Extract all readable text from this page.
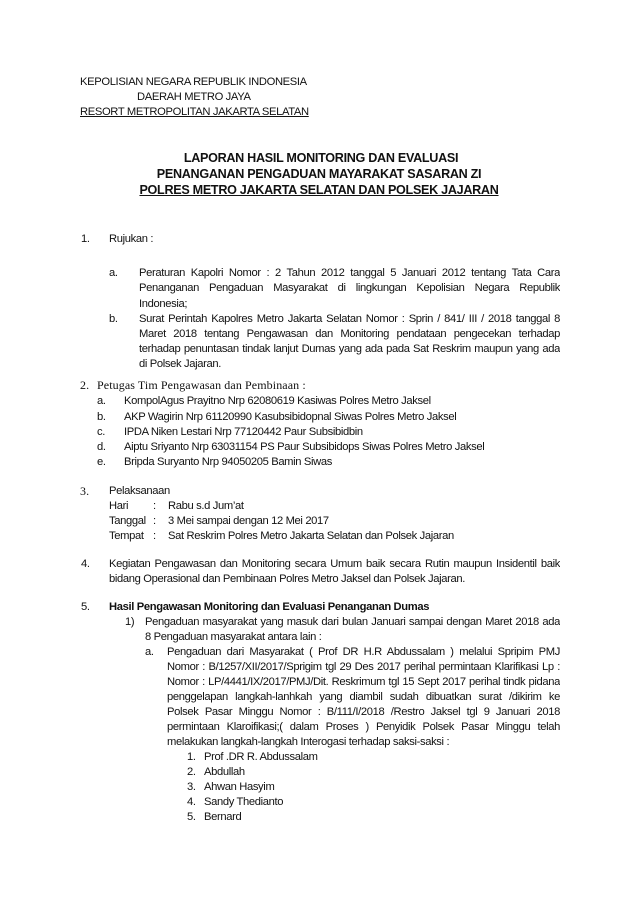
KEPOLISIAN NEGARA REPUBLIK INDONESIA
DAERAH METRO JAYA
RESORT METROPOLITAN JAKARTA SELATAN
LAPORAN HASIL MONITORING DAN EVALUASI
PENANGANAN PENGADUAN MAYARAKAT SASARAN ZI
POLRES METRO JAKARTA SELATAN DAN POLSEK JAJARAN
1. Rujukan :
a. Peraturan Kapolri Nomor : 2 Tahun 2012 tanggal 5 Januari 2012 tentang Tata Cara
Penanganan Pengaduan Masyarakat di lingkungan Kepolisian Negara Republik
Indonesia;
b. Surat Perintah Kapolres Metro Jakarta Selatan Nomor : Sprin / 841/ III / 2018 tanggal 8
Maret 2018 tentang Pengawasan dan Monitoring pendataan pengecekan terhadap
terhadap penuntasan tindak lanjut Dumas yang ada pada Sat Reskrim maupun yang ada
di Polsek Jajaran.
2. Petugas Tim Pengawasan dan Pembinaan :
a. KompolAgus Prayitno Nrp 62080619 Kasiwas Polres Metro Jaksel
b. AKP Wagirin Nrp 61120990 Kasubsibidopnal Siwas Polres Metro Jaksel
c. IPDA Niken Lestari Nrp 77120442 Paur Subsibidbin
d. Aiptu Sriyanto Nrp 63031154 PS Paur Subsibidops Siwas Polres Metro Jaksel
e. Bripda Suryanto Nrp 94050205 Bamin Siwas
3. Pelaksanaan
Hari : Rabu s.d Jum’at
Tanggal : 3 Mei sampai dengan 12 Mei 2017
Tempat : Sat Reskrim Polres Metro Jakarta Selatan dan Polsek Jajaran
4. Kegiatan Pengawasan dan Monitoring secara Umum baik secara Rutin maupun Insidentil baik
bidang Operasional dan Pembinaan Polres Metro Jaksel dan Polsek Jajaran.
5. Hasil Pengawasan Monitoring dan Evaluasi Penanganan Dumas
1) Pengaduan masyarakat yang masuk dari bulan Januari sampai dengan Maret 2018 ada
8 Pengaduan masyarakat antara lain :
a. Pengaduan dari Masyarakat ( Prof DR H.R Abdussalam ) melalui Spripim PMJ
Nomor : B/1257/XII/2017/Sprigim tgl 29 Des 2017 perihal permintaan Klarifikasi Lp :
Nomor : LP/4441/IX/2017/PMJ/Dit. Reskrimum tgl 15 Sept 2017 perihal tindk pidana
penggelapan langkah-lanhkah yang diambil sudah dibuatkan surat /dikirim ke
Polsek Pasar Minggu Nomor : B/111/I/2018 /Restro Jaksel tgl 9 Januari 2018
permintaan Klaroifikasi;( dalam Proses ) Penyidik Polsek Pasar Minggu telah
melakukan langkah-langkah Interogasi terhadap saksi-saksi :
1. Prof .DR R. Abdussalam
2. Abdullah
3. Ahwan Hasyim
4. Sandy Thedianto
5. Bernard
